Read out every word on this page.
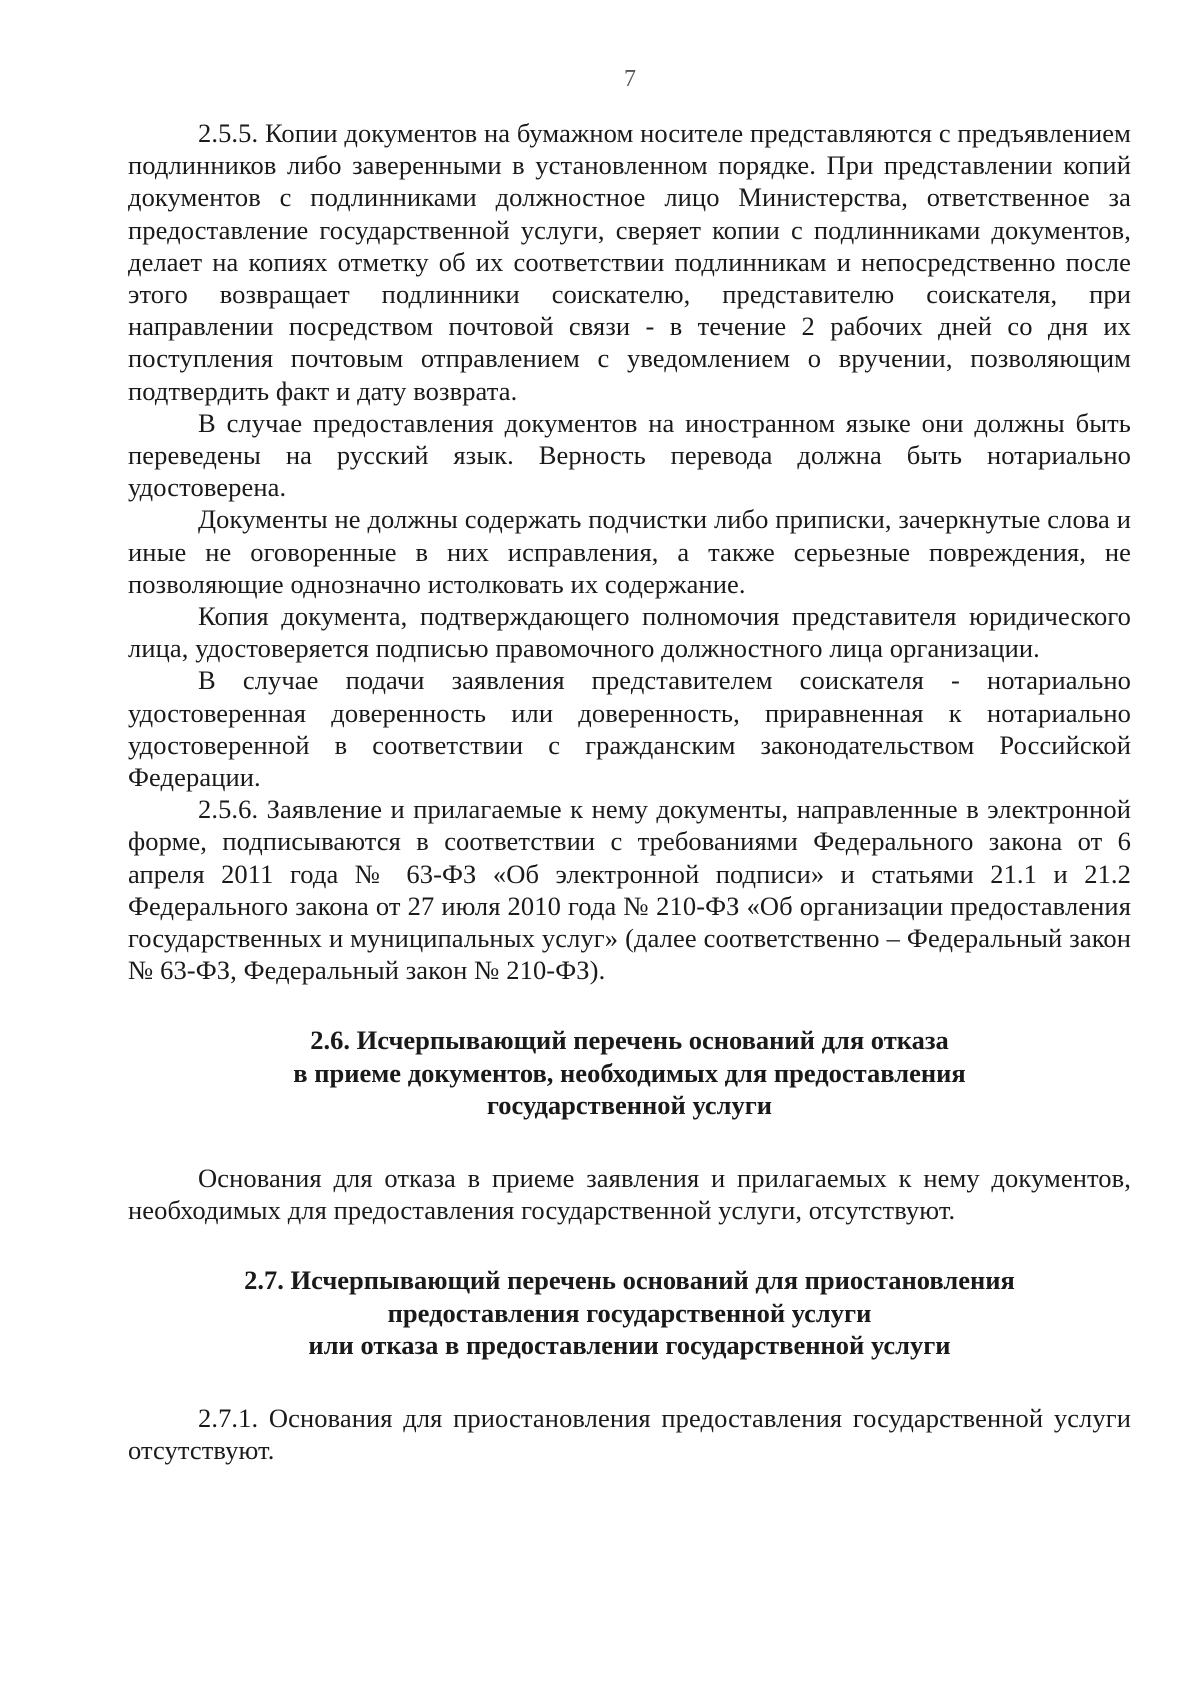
7

2.5.5. Копии документов на бумажном носителе представляются с предъявлением подлинников либо заверенными в установленном порядке. При представлении копий документов с подлинниками должностное лицо Министерства, ответственное за предоставление государственной услуги, сверяет копии с подлинниками документов, делает на копиях отметку об их соответствии подлинникам и непосредственно после этого возвращает подлинники соискателю, представителю соискателя, при направлении посредством почтовой связи - в течение 2 рабочих дней со дня их поступления почтовым отправлением с уведомлением о вручении, позволяющим подтвердить факт и дату возврата.

В случае предоставления документов на иностранном языке они должны быть переведены на русский язык. Верность перевода должна быть нотариально удостоверена.

Документы не должны содержать подчистки либо приписки, зачеркнутые слова и иные не оговоренные в них исправления, а также серьезные повреждения, не позволяющие однозначно истолковать их содержание.

Копия документа, подтверждающего полномочия представителя юридического лица, удостоверяется подписью правомочного должностного лица организации.

В случае подачи заявления представителем соискателя - нотариально удостоверенная доверенность или доверенность, приравненная к нотариально удостоверенной в соответствии с гражданским законодательством Российской Федерации.

2.5.6. Заявление и прилагаемые к нему документы, направленные в электронной форме, подписываются в соответствии с требованиями Федерального закона от 6 апреля 2011 года № 63-ФЗ «Об электронной подписи» и статьями 21.1 и 21.2 Федерального закона от 27 июля 2010 года № 210-ФЗ «Об организации предоставления государственных и муниципальных услуг» (далее соответственно – Федеральный закон № 63-ФЗ, Федеральный закон № 210-ФЗ).

2.6. Исчерпывающий перечень оснований для отказа
в приеме документов, необходимых для предоставления
государственной услуги

Основания для отказа в приеме заявления и прилагаемых к нему документов, необходимых для предоставления государственной услуги, отсутствуют.

2.7. Исчерпывающий перечень оснований для приостановления
предоставления государственной услуги
или отказа в предоставлении государственной услуги

2.7.1. Основания для приостановления предоставления государственной услуги отсутствуют.
